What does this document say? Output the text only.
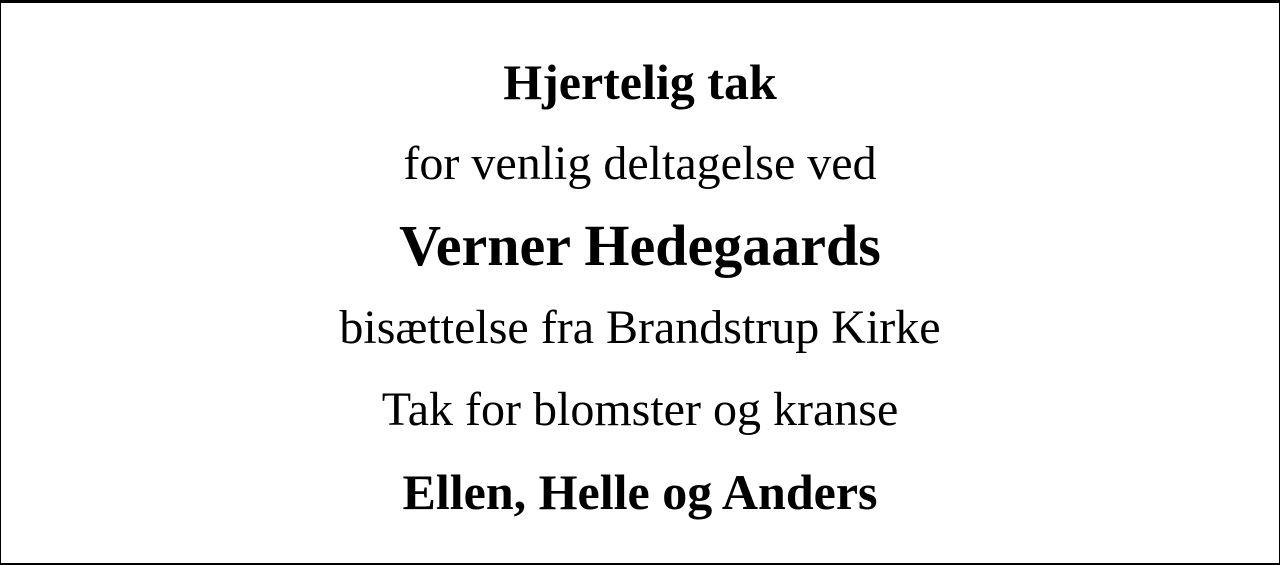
Hjertelig tak
for venlig deltagelse ved
Verner Hedegaards
bisættelse fra Brandstrup Kirke
Tak for blomster og kranse
Ellen, Helle og Anders
